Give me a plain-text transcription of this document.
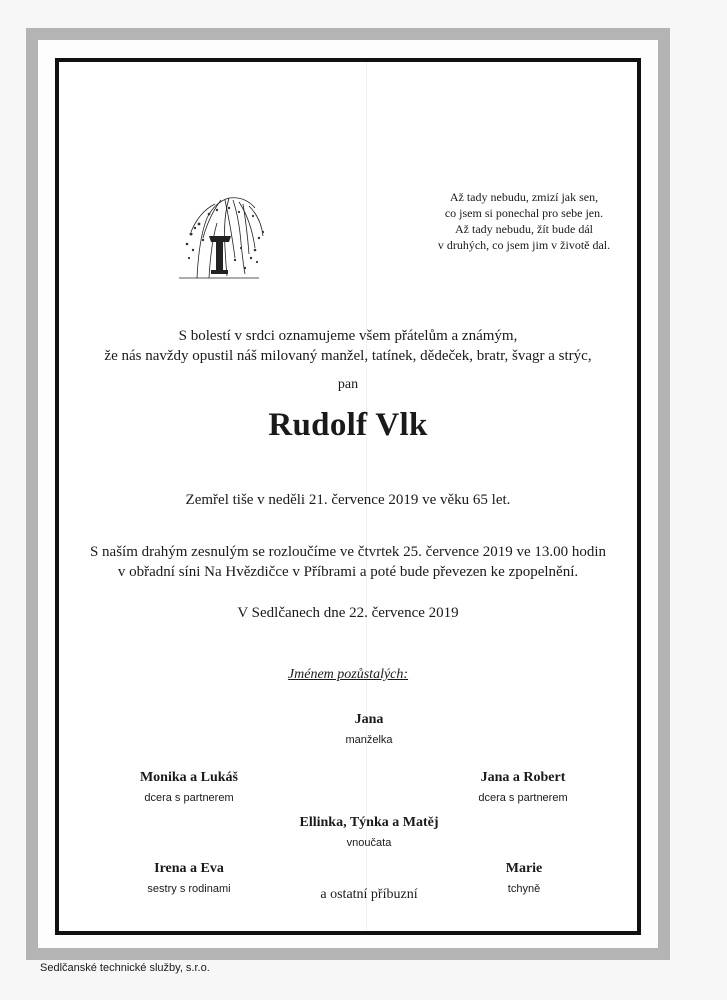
Až tady nebudu, zmizí jak sen,
co jsem si ponechal pro sebe jen.
Až tady nebudu, žít bude dál
v druhých, co jsem jim v životě dal.
S bolestí v srdci oznamujeme všem přátelům a známým,
že nás navždy opustil náš milovaný manžel, tatínek, dědeček, bratr, švagr a strýc,
pan
Rudolf Vlk
Zemřel tiše v neděli 21. července 2019 ve věku 65 let.
S naším drahým zesnulým se rozloučíme ve čtvrtek 25. července 2019 ve 13.00 hodin
v obřadní síni Na Hvězdičce v Příbrami a poté bude převezen ke zpopelnění.
V Sedlčanech dne 22. července 2019
Jménem pozůstalých:
Jana
manželka
Monika a Lukáš
dcera s partnerem
Jana a Robert
dcera s partnerem
Ellinka, Týnka a Matěj
vnoučata
Irena a Eva
sestry s rodinami
Marie
tchyně
a ostatní příbuzní
Sedlčanské technické služby, s.r.o.
